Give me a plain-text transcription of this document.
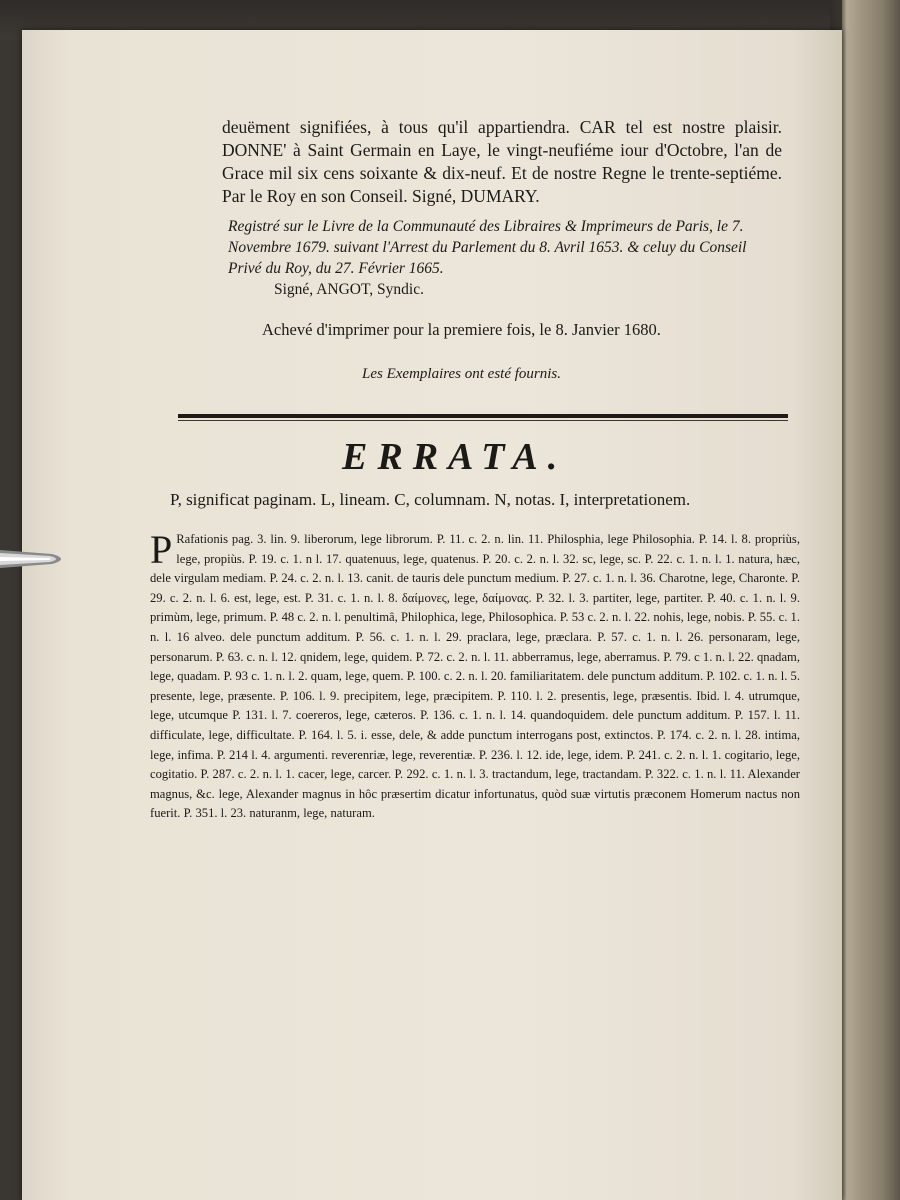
deuëment signifiées, à tous qu'il appartiendra. CAR tel est nostre plaisir. DONNE' à Saint Germain en Laye, le vingt-neufiéme iour d'Octobre, l'an de Grace mil six cens soixante & dix-neuf. Et de nostre Regne le trente-septiéme. Par le Roy en son Conseil. Signé, DUMARY.

Registré sur le Livre de la Communauté des Libraires & Imprimeurs de Paris, le 7. Novembre 1679. suivant l'Arrest du Parlement du 8. Avril 1653. & celuy du Conseil Privé du Roy, du 27. Février 1665.
Signé, ANGOT, Syndic.

Achevé d'imprimer pour la premiere fois, le 8. Janvier 1680.

Les Exemplaires ont esté fournis.

ERRATA.

P, significat paginam. L, lineam. C, columnam. N, notas. I, interpretationem.

P Rafationis pag. 3. lin. 9. liberorum, lege librorum. P. 11. c. 2. n. lin. 11. Philosphia, lege Philosophia. P. 14. l. 8. propriùs, lege, propiùs. P. 19. c. 1. n l. 17. quatenuus, lege, quatenus. P. 20. c. 2. n. l. 32. sc, lege, sc. P. 22. c. 1. n. l. 1. natura, hæc, dele virgulam mediam. P. 24. c. 2. n. l. 13. canit. de tauris dele punctum medium. P. 27. c. 1. n. l. 36. Charotne, lege, Charonte. P. 29. c. 2. n. l. 6. est, lege, est. P. 31. c. 1. n. l. 8. δαίμονες, lege, δαίμονας. P. 32. l. 3. partiter, lege, partiter. P. 40. c. 1. n. l. 9. primùm, lege, primum. P. 48 c. 2. n. l. penultimâ, Philophica, lege, Philosophica. P. 53 c. 2. n. l. 22. nohis, lege, nobis. P. 55. c. 1. n. l. 16 alveo. dele punctum additum. P. 56. c. 1. n. l. 29. praclara, lege, præclara. P. 57. c. 1. n. l. 26. personaram, lege, personarum. P. 63. c. n. l. 12. qnidem, lege, quidem. P. 72. c. 2. n. l. 11. abberramus, lege, aberramus. P. 79. c 1. n. l. 22. qnadam, lege, quadam. P. 93 c. 1. n. l. 2. quam, lege, quem. P. 100. c. 2. n. l. 20. familiaritatem. dele punctum additum. P. 102. c. 1. n. l. 5. presente, lege, præsente. P. 106. l. 9. precipitem, lege, præcipitem. P. 110. l. 2. presentis, lege, præsentis. Ibid. l. 4. utrumque, lege, utcumque P. 131. l. 7. coereros, lege, cæteros. P. 136. c. 1. n. l. 14. quandoquidem. dele punctum additum. P. 157. l. 11. difficulate, lege, difficultate. P. 164. l. 5. i. esse, dele, & adde punctum interrogans post, extinctos. P. 174. c. 2. n. l. 28. intima, lege, infima. P. 214 l. 4. argumenti. reverenriæ, lege, reverentiæ. P. 236. l. 12. ide, lege, idem. P. 241. c. 2. n. l. 1. cogitario, lege, cogitatio. P. 287. c. 2. n. l. 1. cacer, lege, carcer. P. 292. c. 1. n. l. 3. tractandum, lege, tractandam. P. 322. c. 1. n. l. 11. Alexander magnus, &c. lege, Alexander magnus in hôc præsertim dicatur infortunatus, quòd suæ virtutis præconem Homerum nactus non fuerit. P. 351. l. 23. naturanm, lege, naturam.
